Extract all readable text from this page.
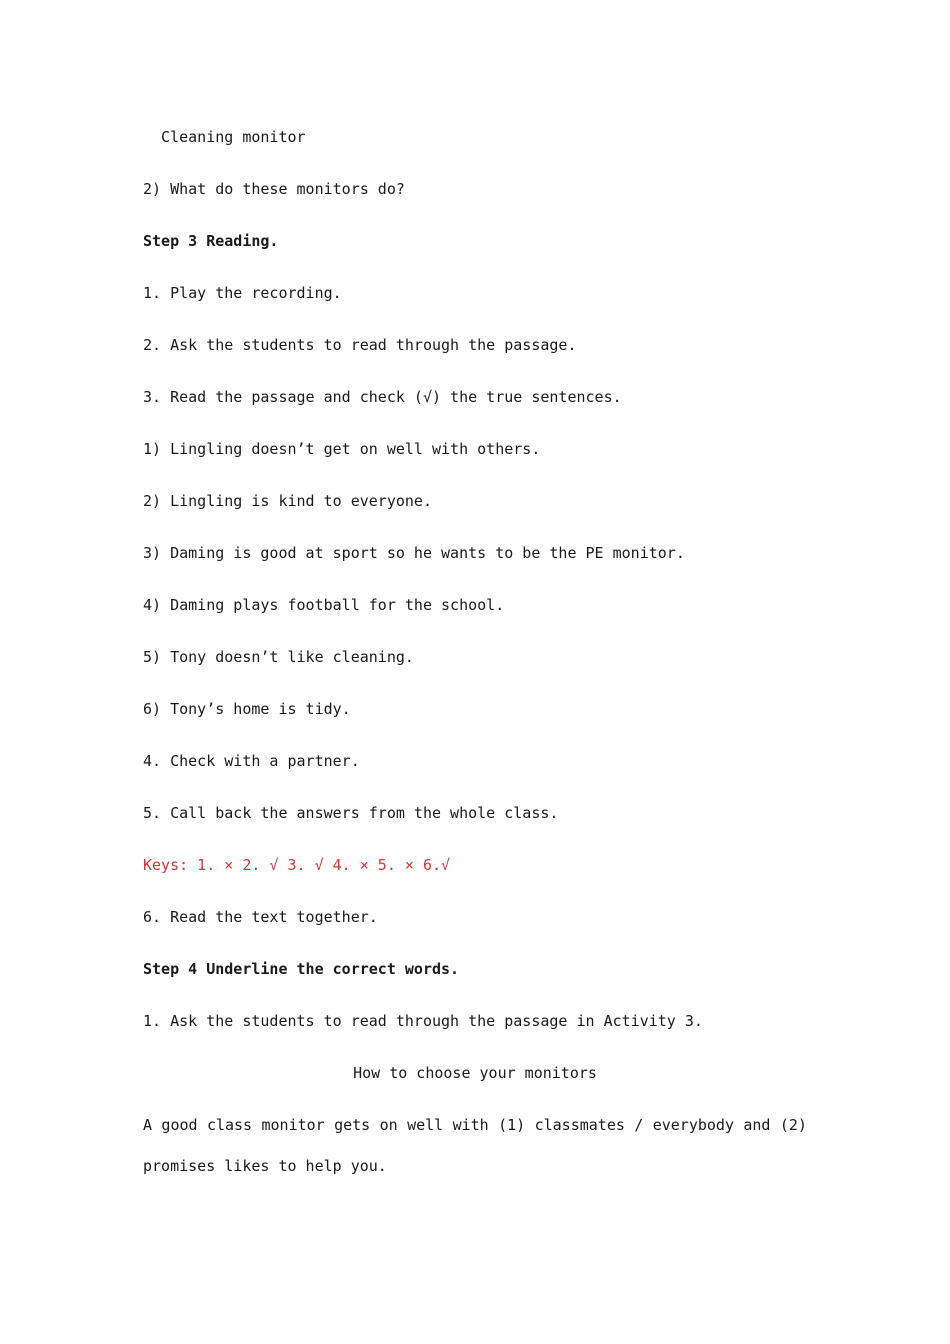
Cleaning monitor
2) What do these monitors do?
Step 3 Reading.
1. Play the recording.
2. Ask the students to read through the passage.
3. Read the passage and check (√) the true sentences.
1) Lingling doesn’t get on well with others.
2) Lingling is kind to everyone.
3) Daming is good at sport so he wants to be the PE monitor.
4) Daming plays football for the school.
5) Tony doesn’t like cleaning.
6) Tony’s home is tidy.
4. Check with a partner.
5. Call back the answers from the whole class.
Keys: 1. × 2. √ 3. √ 4. × 5. × 6.√
6. Read the text together.
Step 4 Underline the correct words.
1. Ask the students to read through the passage in Activity 3.
How to choose your monitors
A good class monitor gets on well with (1) classmates / everybody and (2)
promises likes to help you.
